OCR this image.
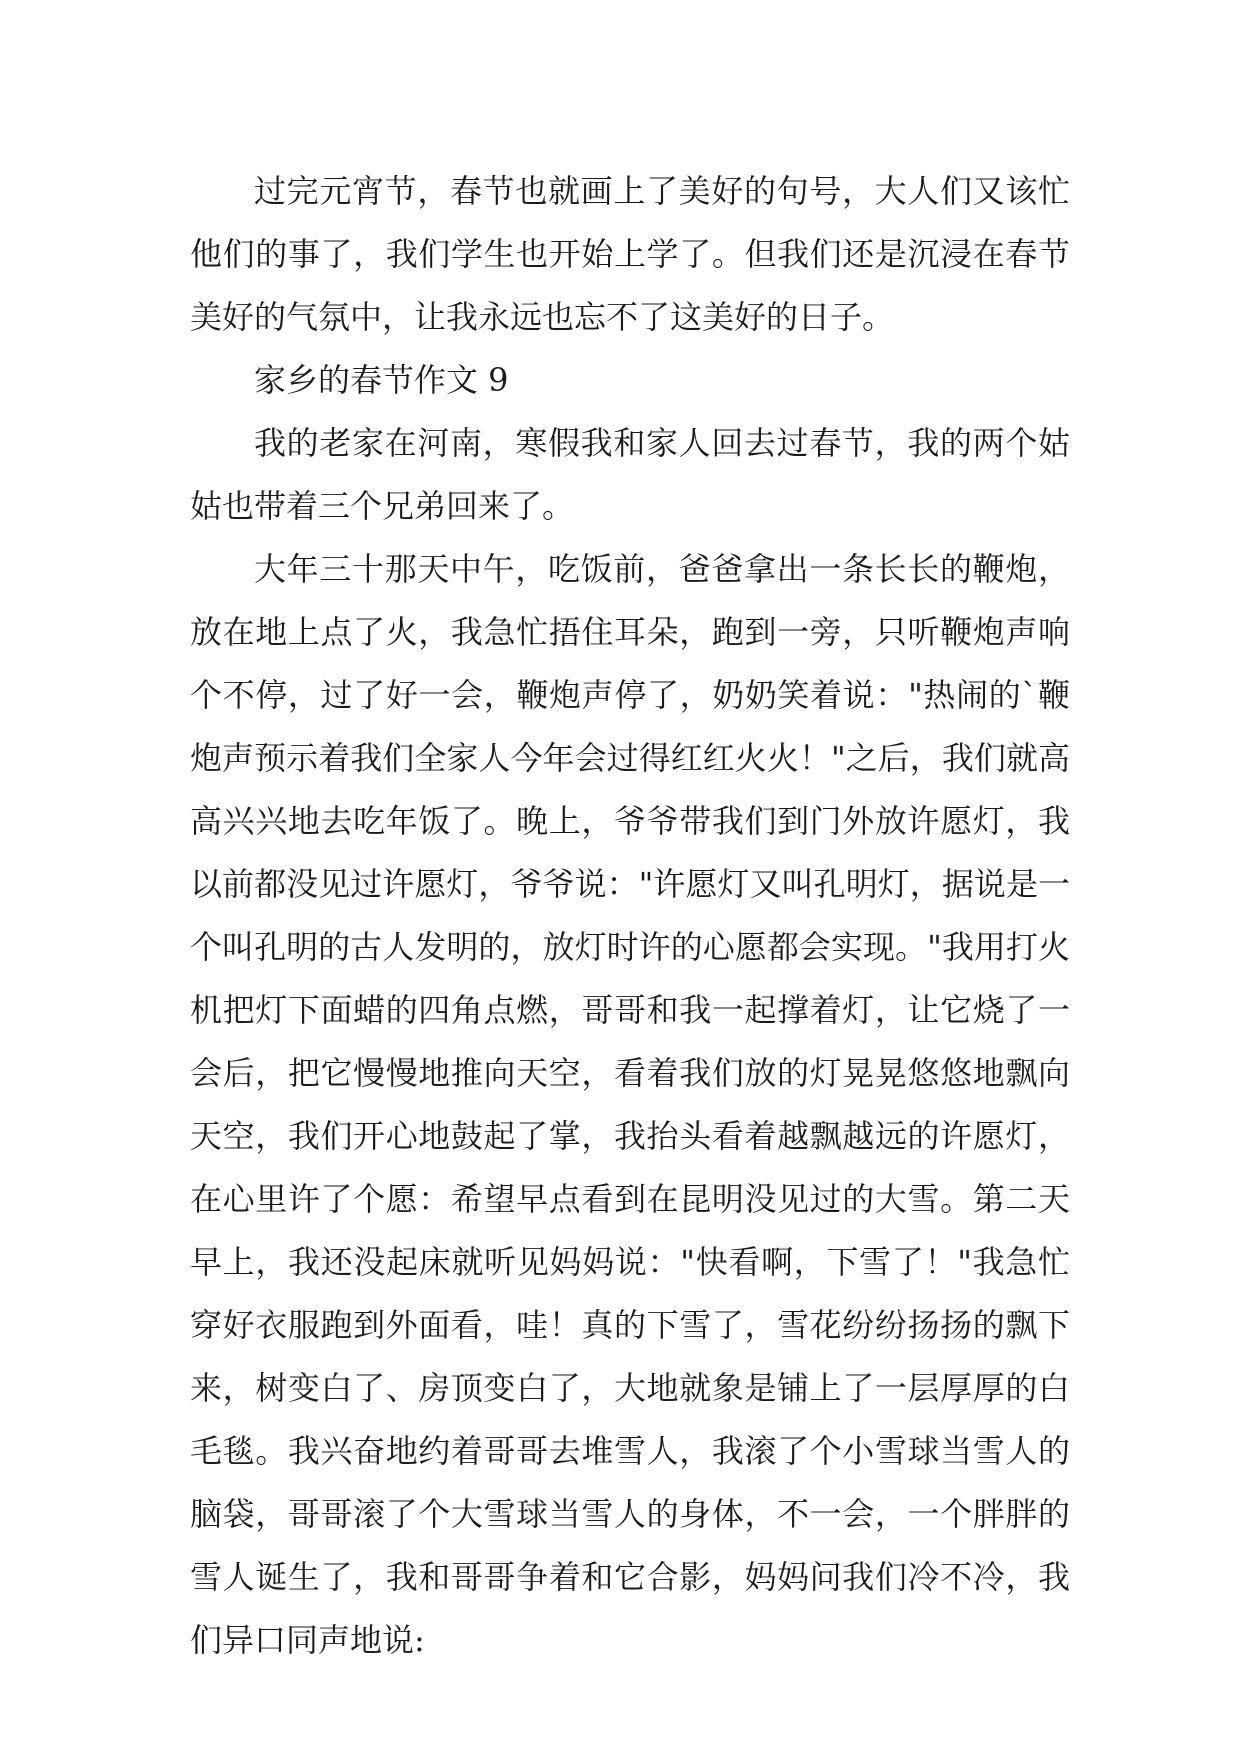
过完元宵节，春节也就画上了美好的句号，大人们又该忙他们的事了，我们学生也开始上学了。但我们还是沉浸在春节美好的气氛中，让我永远也忘不了这美好的日子。

家乡的春节作文 9

我的老家在河南，寒假我和家人回去过春节，我的两个姑姑也带着三个兄弟回来了。

大年三十那天中午，吃饭前，爸爸拿出一条长长的鞭炮，放在地上点了火，我急忙捂住耳朵，跑到一旁，只听鞭炮声响个不停，过了好一会，鞭炮声停了，奶奶笑着说："热闹的`鞭炮声预示着我们全家人今年会过得红红火火！"之后，我们就高高兴兴地去吃年饭了。晚上，爷爷带我们到门外放许愿灯，我以前都没见过许愿灯，爷爷说："许愿灯又叫孔明灯，据说是一个叫孔明的古人发明的，放灯时许的心愿都会实现。"我用打火机把灯下面蜡的四角点燃，哥哥和我一起撑着灯，让它烧了一会后，把它慢慢地推向天空，看着我们放的灯晃晃悠悠地飘向天空，我们开心地鼓起了掌，我抬头看着越飘越远的许愿灯，在心里许了个愿：希望早点看到在昆明没见过的大雪。第二天早上，我还没起床就听见妈妈说："快看啊，下雪了！"我急忙穿好衣服跑到外面看，哇！真的下雪了，雪花纷纷扬扬的飘下来，树变白了、房顶变白了，大地就象是铺上了一层厚厚的白毛毯。我兴奋地约着哥哥去堆雪人，我滚了个小雪球当雪人的脑袋，哥哥滚了个大雪球当雪人的身体，不一会，一个胖胖的雪人诞生了，我和哥哥争着和它合影，妈妈问我们冷不冷，我们异口同声地说:
